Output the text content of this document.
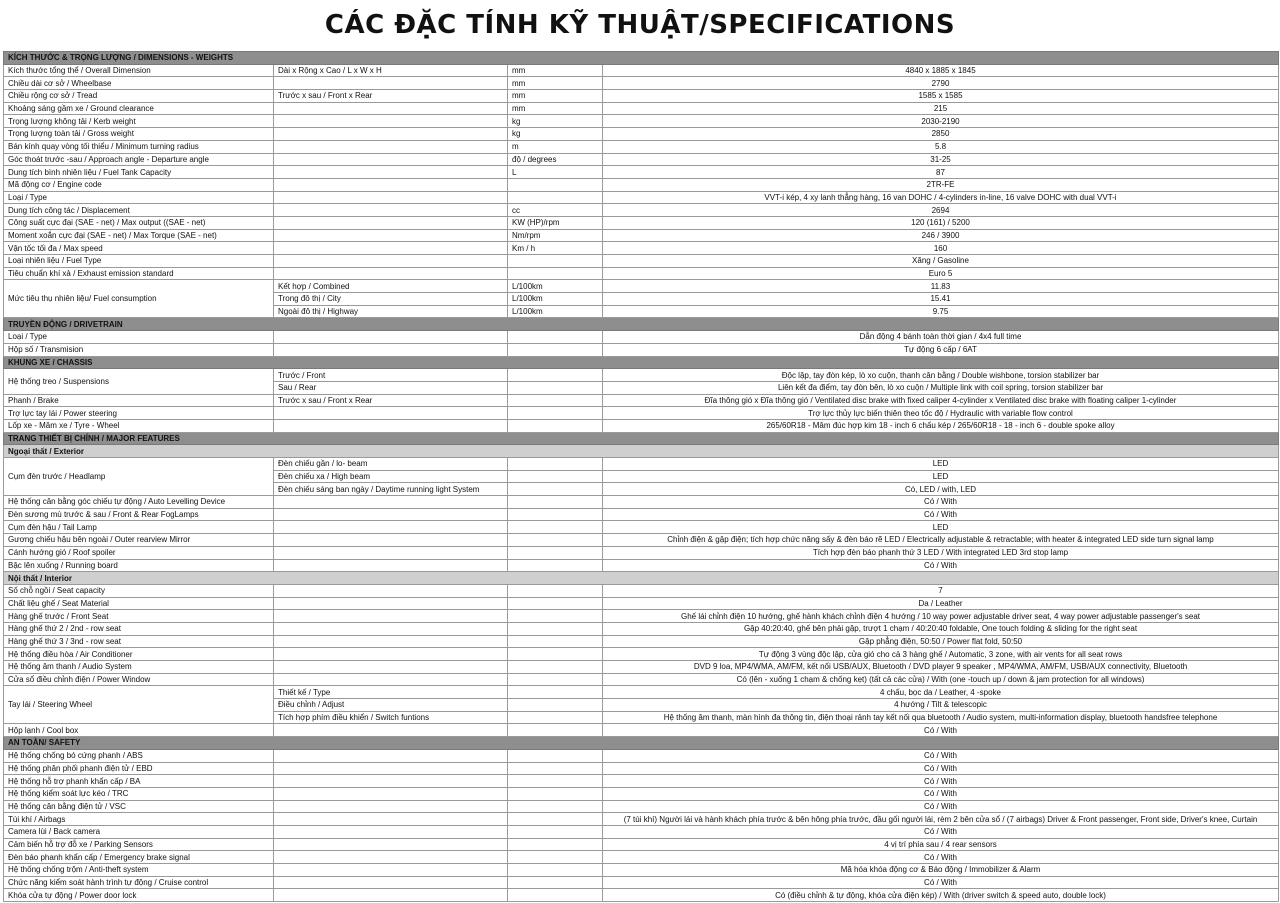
CÁC ĐẶC TÍNH KỸ THUẬT/SPECIFICATIONS
KÍCH THƯỚC & TRỌNG LƯỢNG / DIMENSIONS - WEIGHTS			
Kích thước tổng thể / Overall Dimension	Dài x Rộng x Cao / L x W x H	mm	4840 x 1885 x 1845
Chiều dài cơ sở / Wheelbase		mm	2790
Chiều rộng cơ sở / Tread	Trước x sau / Front x Rear	mm	1585 x 1585
Khoảng sáng gầm xe / Ground clearance		mm	215
Trọng lượng không tải / Kerb weight		kg	2030-2190
Trọng lượng toàn tải / Gross weight		kg	2850
Bán kính quay vòng tối thiểu / Minimum turning radius		m	5.8
Góc thoát trước -sau / Approach angle - Departure angle		độ / degrees	31-25
Dung tích bình nhiên liệu / Fuel Tank Capacity		L	87
Mã động cơ / Engine code			2TR-FE
Loại / Type			VVT-i kép, 4 xy lanh thẳng hàng, 16 van DOHC / 4-cylinders in-line, 16 valve DOHC with dual VVT-i
Dung tích công tác / Displacement		cc	2694
Công suất cực đại (SAE - net) / Max output ((SAE - net)		KW (HP)/rpm	120 (161) / 5200
Moment xoắn cực đại (SAE - net) / Max Torque (SAE - net)		Nm/rpm	246 / 3900
Vận tốc tối đa / Max speed		Km / h	160
Loại nhiên liệu / Fuel Type			Xăng / Gasoline
Tiêu chuẩn khí xả / Exhaust emission standard			Euro 5
Mức tiêu thụ nhiên liệu/ Fuel consumption	Kết hợp / Combined	L/100km	11.83
	Trong đô thị / City	L/100km	15.41
	Ngoài đô thị / Highway	L/100km	9.75
TRUYỀN ĐỘNG / DRIVETRAIN			
Loại / Type			Dẫn động 4 bánh toàn thời gian / 4x4 full time
Hộp số / Transmision			Tự động 6 cấp / 6AT
KHUNG XE / CHASSIS			
Hệ thống treo / Suspensions	Trước / Front		Độc lập, tay đòn kép, lò xo cuộn, thanh cân bằng / Double wishbone, torsion stabilizer bar
	Sau / Rear		Liên kết đa điểm, tay đòn bên, lò xo cuộn / Multiple link with coil spring, torsion stabilizer bar
Phanh / Brake	Trước x sau / Front x Rear		Đĩa thông gió x Đĩa thông gió / Ventilated disc brake with fixed caliper 4-cylinder x Ventilated disc brake with floating caliper 1-cylinder
Trợ lực tay lái / Power steering			Trợ lực thủy lực biến thiên theo tốc độ / Hydraulic with variable flow control
Lốp xe - Mâm xe / Tyre - Wheel			265/60R18 - Mâm đúc hợp kim 18 - inch 6 chấu kép / 265/60R18 - 18 - inch 6 - double spoke alloy
TRANG THIẾT BỊ CHÍNH / MAJOR FEATURES			
Ngoại thất / Exterior			
Cụm đèn trước / Headlamp	Đèn chiếu gần / lo- beam		LED
	Đèn chiếu xa / High beam		LED
	Đèn chiếu sáng ban ngày / Daytime running light System		Có, LED / with, LED
Hệ thống cân bằng góc chiếu tự động / Auto Levelling Device			Có / With
Đèn sương mù trước & sau / Front & Rear FogLamps			Có / With
Cụm đèn hậu / Tail Lamp			LED
Gương chiếu hậu bên ngoài / Outer rearview Mirror			Chỉnh điện & gập điện; tích hợp chức năng sấy & đèn báo rẽ LED / Electrically adjustable & retractable; with heater & integrated LED side turn signal lamp
Cánh hướng gió / Roof spoiler			Tích hợp đèn báo phanh thứ 3 LED / With integrated LED 3rd stop lamp
Bậc lên xuống / Running board			Có / With
Nội thất / Interior			
Số chỗ ngồi / Seat capacity			7
Chất liệu ghế / Seat Material			Da / Leather
Hàng ghế trước / Front Seat			Ghế lái chỉnh điện 10 hướng, ghế hành khách chỉnh điện 4 hướng / 10 way power adjustable driver seat, 4 way power adjustable passenger's seat
Hàng ghế thứ 2 / 2nd - row seat			Gập 40:20:40, ghế bên phải gập, trượt 1 chạm / 40:20:40 foldable, One touch folding & sliding for the right seat
Hàng ghế thứ 3 / 3nd - row seat			Gập phẳng điện, 50:50 / Power flat fold, 50:50
Hệ thống điều hòa / Air Conditioner			Tự động 3 vùng độc lập, cửa gió cho cả 3 hàng ghế / Automatic, 3 zone, with air vents for all seat rows
Hệ thống âm thanh / Audio System			DVD 9 loa, MP4/WMA, AM/FM, kết nối USB/AUX, Bluetooth / DVD player 9 speaker , MP4/WMA, AM/FM, USB/AUX connectivity, Bluetooth
Cửa sổ điều chỉnh điện / Power Window			Có (lên - xuống 1 chạm & chống kẹt) (tất cả các cửa) / With (one -touch up / down & jam protection for all windows)
Tay lái / Steering Wheel	Thiết kế / Type		4 chấu, bọc da / Leather, 4 -spoke
	Điều chỉnh / Adjust		4 hướng / Tilt & telescopic
	Tích hợp phím điều khiển / Switch funtions		Hệ thống âm thanh, màn hình đa thông tin, điện thoại rảnh tay kết nối qua bluetooth / Audio system, multi-information display, bluetooth handsfree telephone
Hộp lạnh / Cool box			Có / With
AN TOÀN/ SAFETY			
Hệ thống chống bó cứng phanh / ABS			Có / With
Hệ thống phân phối phanh điện tử / EBD			Có / With
Hệ thống hỗ trợ phanh khẩn cấp / BA			Có / With
Hệ thống kiểm soát lực kéo / TRC			Có / With
Hệ thống cân bằng điện tử / VSC			Có / With
Túi khí / Airbags			(7 túi khí) Người lái và hành khách phía trước & bên hông phía trước, đầu gối người lái, rèm 2 bên cửa sổ / (7 airbags) Driver & Front passenger, Front side, Driver's knee, Curtain
Camera lùi / Back camera			Có / With
Cảm biến hỗ trợ đỗ xe / Parking Sensors			4 vị trí phía sau / 4 rear sensors
Đèn báo phanh khẩn cấp / Emergency brake signal			Có / With
Hệ thống chống trộm / Anti-theft system			Mã hóa khóa động cơ & Báo động / Immobilizer & Alarm
Chức năng kiểm soát hành trình tự động / Cruise control			Có / With
Khóa cửa tự động / Power door lock			Có (điều chỉnh & tự động, khóa cửa điện kép) / With (driver switch & speed auto, double lock)
